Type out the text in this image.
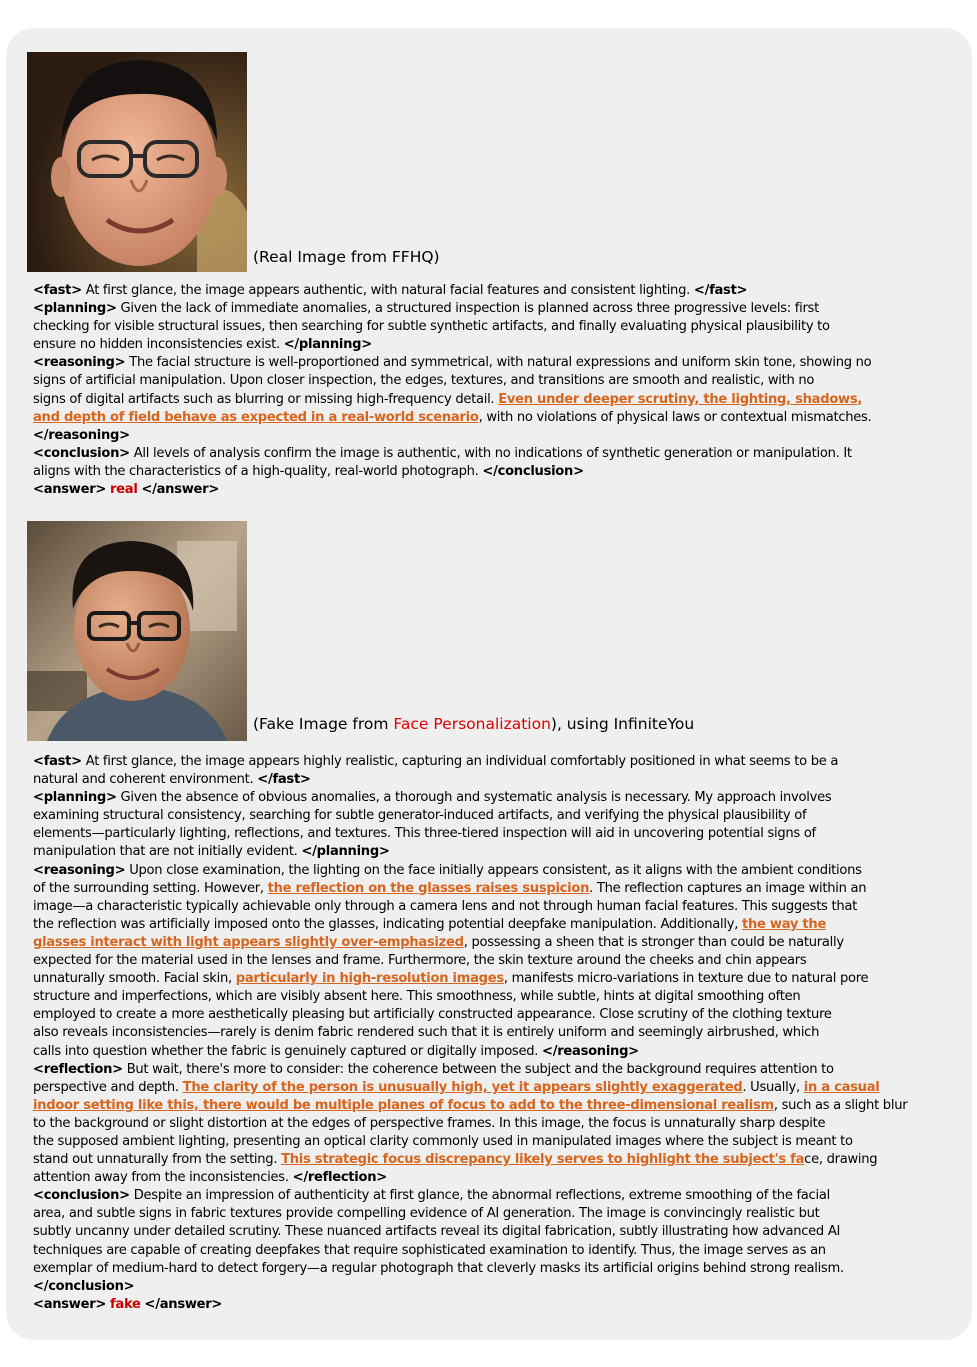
(Real Image from FFHQ)
<fast> At first glance, the image appears authentic, with natural facial features and consistent lighting. </fast>
<planning> Given the lack of immediate anomalies, a structured inspection is planned across three progressive levels: first
checking for visible structural issues, then searching for subtle synthetic artifacts, and finally evaluating physical plausibility to
ensure no hidden inconsistencies exist. </planning>
<reasoning> The facial structure is well-proportioned and symmetrical, with natural expressions and uniform skin tone, showing no
signs of artificial manipulation. Upon closer inspection, the edges, textures, and transitions are smooth and realistic, with no
signs of digital artifacts such as blurring or missing high-frequency detail. Even under deeper scrutiny, the lighting, shadows,
and depth of field behave as expected in a real-world scenario, with no violations of physical laws or contextual mismatches.
</reasoning>
<conclusion> All levels of analysis confirm the image is authentic, with no indications of synthetic generation or manipulation. It
aligns with the characteristics of a high-quality, real-world photograph. </conclusion>
<answer> real </answer>
(Fake Image from Face Personalization), using InfiniteYou
<fast> At first glance, the image appears highly realistic, capturing an individual comfortably positioned in what seems to be a
natural and coherent environment. </fast>
<planning> Given the absence of obvious anomalies, a thorough and systematic analysis is necessary. My approach involves
examining structural consistency, searching for subtle generator-induced artifacts, and verifying the physical plausibility of
elements—particularly lighting, reflections, and textures. This three-tiered inspection will aid in uncovering potential signs of
manipulation that are not initially evident. </planning>
<reasoning> Upon close examination, the lighting on the face initially appears consistent, as it aligns with the ambient conditions
of the surrounding setting. However, the reflection on the glasses raises suspicion. The reflection captures an image within an
image—a characteristic typically achievable only through a camera lens and not through human facial features. This suggests that
the reflection was artificially imposed onto the glasses, indicating potential deepfake manipulation. Additionally, the way the
glasses interact with light appears slightly over-emphasized, possessing a sheen that is stronger than could be naturally
expected for the material used in the lenses and frame. Furthermore, the skin texture around the cheeks and chin appears
unnaturally smooth. Facial skin, particularly in high-resolution images, manifests micro-variations in texture due to natural pore
structure and imperfections, which are visibly absent here. This smoothness, while subtle, hints at digital smoothing often
employed to create a more aesthetically pleasing but artificially constructed appearance. Close scrutiny of the clothing texture
also reveals inconsistencies—rarely is denim fabric rendered such that it is entirely uniform and seemingly airbrushed, which
calls into question whether the fabric is genuinely captured or digitally imposed. </reasoning>
<reflection> But wait, there's more to consider: the coherence between the subject and the background requires attention to
perspective and depth. The clarity of the person is unusually high, yet it appears slightly exaggerated. Usually, in a casual
indoor setting like this, there would be multiple planes of focus to add to the three-dimensional realism, such as a slight blur
to the background or slight distortion at the edges of perspective frames. In this image, the focus is unnaturally sharp despite
the supposed ambient lighting, presenting an optical clarity commonly used in manipulated images where the subject is meant to
stand out unnaturally from the setting. This strategic focus discrepancy likely serves to highlight the subject's face, drawing
attention away from the inconsistencies. </reflection>
<conclusion> Despite an impression of authenticity at first glance, the abnormal reflections, extreme smoothing of the facial
area, and subtle signs in fabric textures provide compelling evidence of AI generation. The image is convincingly realistic but
subtly uncanny under detailed scrutiny. These nuanced artifacts reveal its digital fabrication, subtly illustrating how advanced AI
techniques are capable of creating deepfakes that require sophisticated examination to identify. Thus, the image serves as an
exemplar of medium-hard to detect forgery—a regular photograph that cleverly masks its artificial origins behind strong realism.
</conclusion>
<answer> fake </answer>
